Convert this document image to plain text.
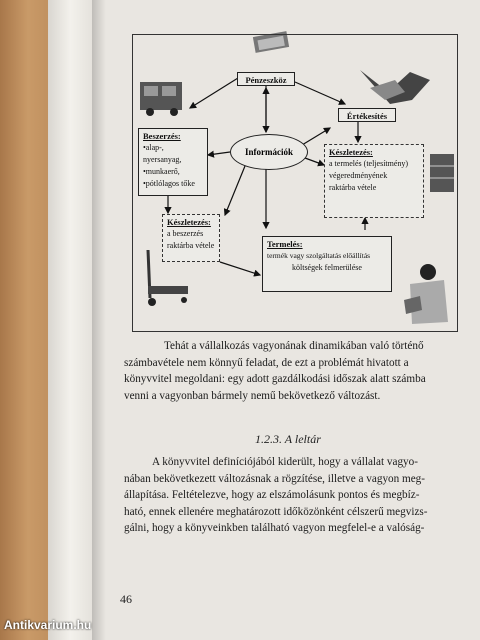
Pénzeszköz
Értékesítés
Információk
Beszerzés:
•alap-, nyersanyag,
•munkaerő,
•pótlólagos tőke
Készletezés:
a termelés (teljesítmény)
végeredményének
raktárba vétele
Készletezés:
a beszerzés
raktárba vétele	Termelés:
termék vagy szolgáltatás előállítás
költségek felmerülése
Tehát a vállalkozás vagyonának dinamikában való történő
számbavétele nem könnyű feladat, de ezt a problémát hivatott a
könyvvitel megoldani: egy adott gazdálkodási időszak alatt számba
venni a vagyonban bármely nemű bekövetkező változást.
1.2.3. A leltár
A könyvvitel definíciójából kiderült, hogy a vállalat vagyo-
nában bekövetkezett változásnak a rögzítése, illetve a vagyon meg-
állapítása. Feltételezve, hogy az elszámolásunk pontos és megbíz-
ható, ennek ellenére meghatározott időközönként célszerű megvizs-
gálni, hogy a könyveinkben található vagyon megfelel-e a valóság-
46
Antikvarium.hu
